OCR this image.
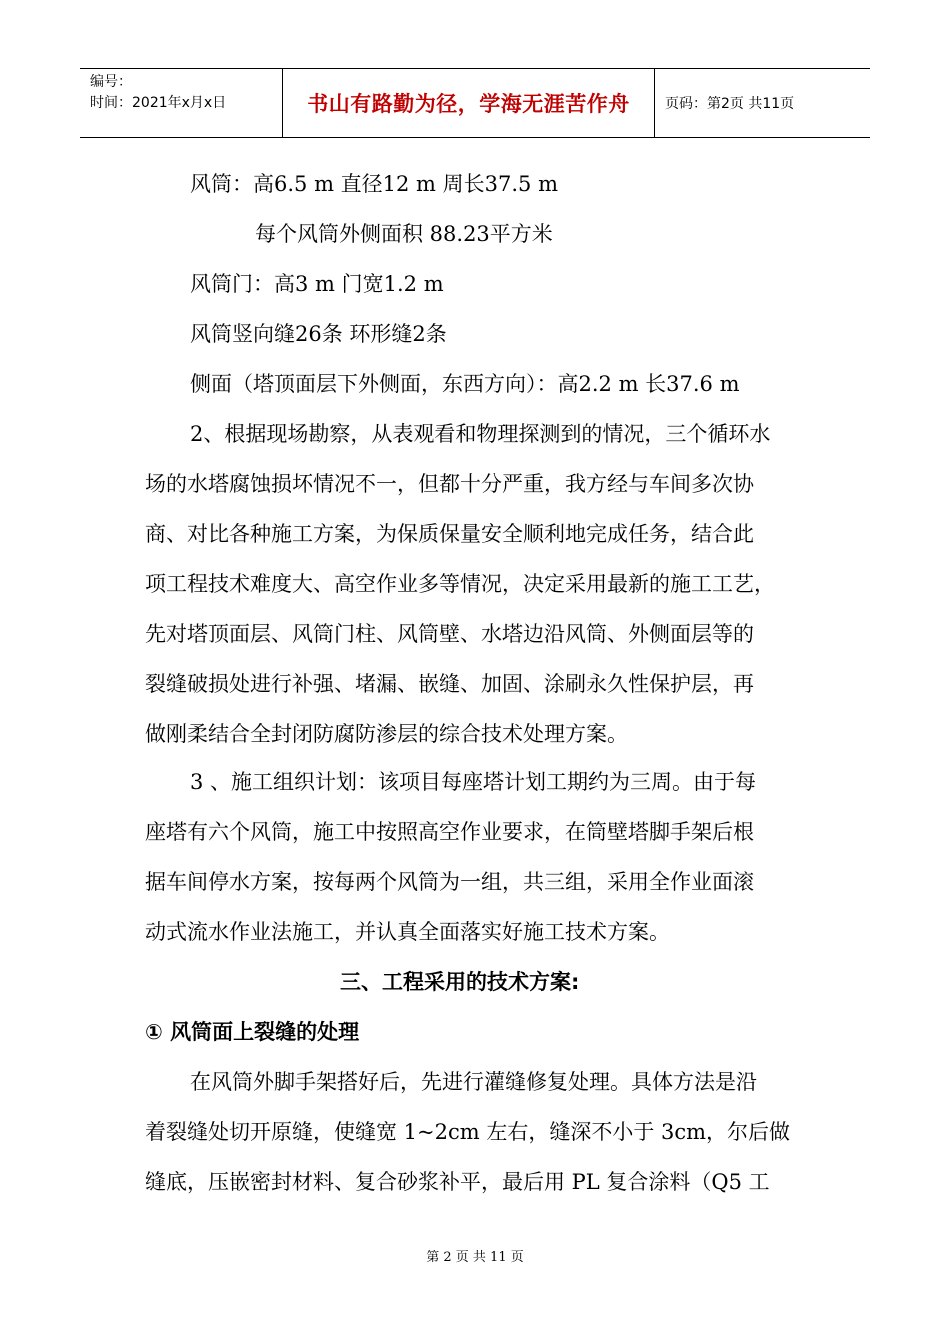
编号：
时间：2021年x月x日	书山有路勤为径，学海无涯苦作舟	页码：第2页 共11页
风筒：高6.5 m 直径12 m 周长37.5 m
每个风筒外侧面积 88.23平方米
风筒门：高3 m 门宽1.2 m
风筒竖向缝26条 环形缝2条
侧面（塔顶面层下外侧面，东西方向）：高2.2 m 长37.6 m
2、根据现场勘察，从表观看和物理探测到的情况，三个循环水
场的水塔腐蚀损坏情况不一，但都十分严重，我方经与车间多次协
商、对比各种施工方案，为保质保量安全顺利地完成任务，结合此
项工程技术难度大、高空作业多等情况，决定采用最新的施工工艺，
先对塔顶面层、风筒门柱、风筒壁、水塔边沿风筒、外侧面层等的
裂缝破损处进行补强、堵漏、嵌缝、加固、涂刷永久性保护层，再
做刚柔结合全封闭防腐防渗层的综合技术处理方案。
3 、施工组织计划：该项目每座塔计划工期约为三周。由于每
座塔有六个风筒，施工中按照高空作业要求，在筒壁塔脚手架后根
据车间停水方案，按每两个风筒为一组，共三组，采用全作业面滚
动式流水作业法施工，并认真全面落实好施工技术方案。
三、工程采用的技术方案:
① 风筒面上裂缝的处理
在风筒外脚手架搭好后，先进行灌缝修复处理。具体方法是沿
着裂缝处切开原缝，使缝宽 1~2cm 左右，缝深不小于 3cm，尔后做
缝底，压嵌密封材料、复合砂浆补平，最后用 PL 复合涂料（Q5 工
第 2 页 共 11 页
